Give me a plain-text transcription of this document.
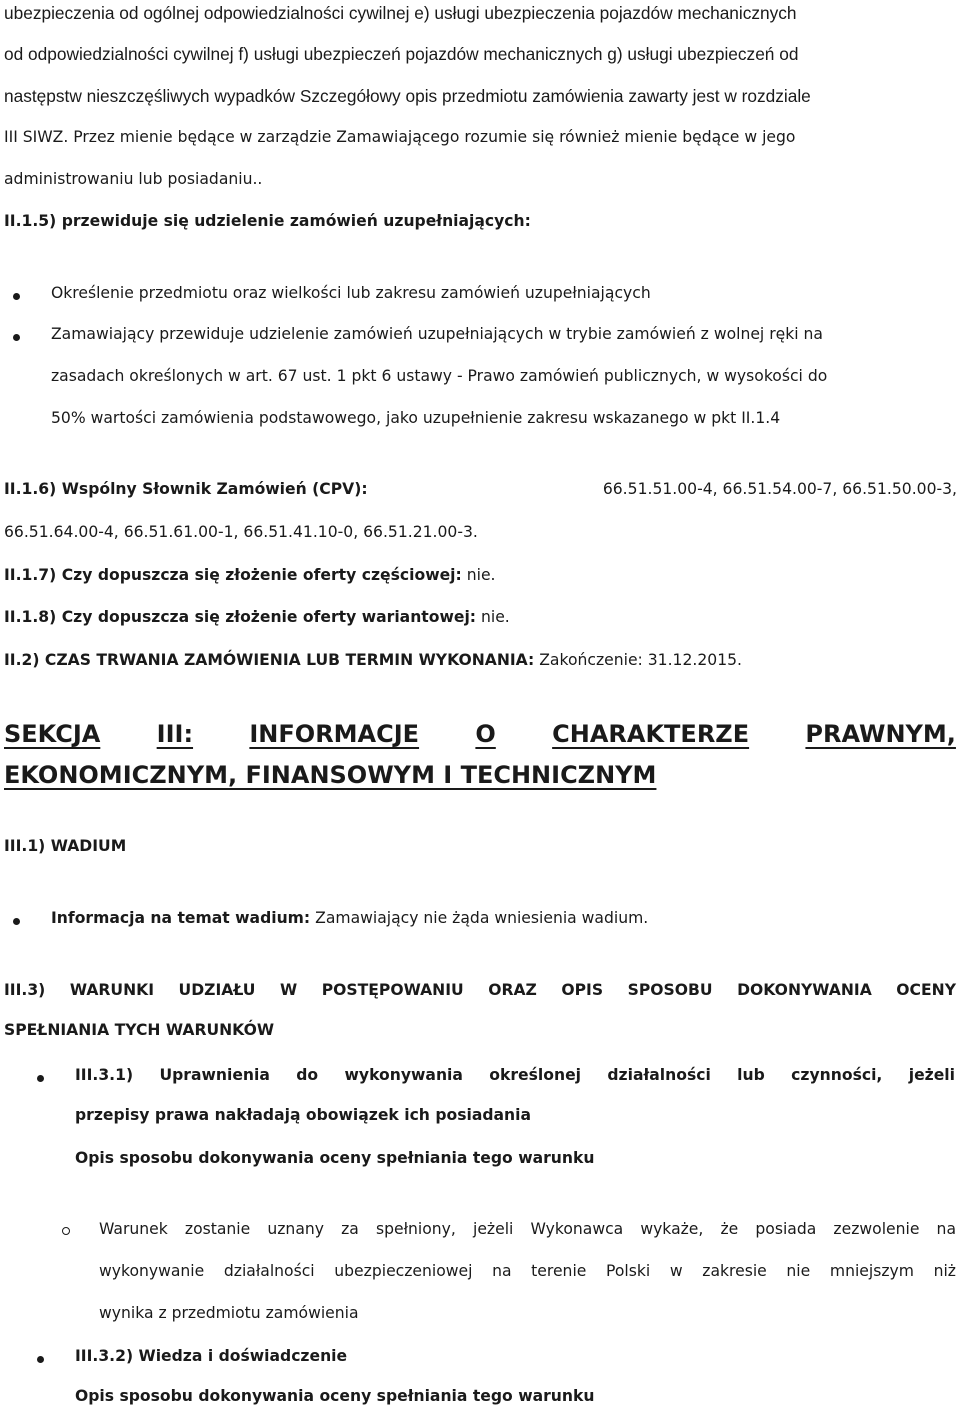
ubezpieczenia od ogólnej odpowiedzialności cywilnej e) usługi ubezpieczenia pojazdów mechanicznych
od odpowiedzialności cywilnej f) usługi ubezpieczeń pojazdów mechanicznych g) usługi ubezpieczeń od
następstw nieszczęśliwych wypadków Szczegółowy opis przedmiotu zamówienia zawarty jest w rozdziale
III SIWZ. Przez mienie będące w zarządzie Zamawiającego rozumie się również mienie będące w jego
administrowaniu lub posiadaniu..
II.1.5) przewiduje się udzielenie zamówień uzupełniających:
Określenie przedmiotu oraz wielkości lub zakresu zamówień uzupełniających
Zamawiający przewiduje udzielenie zamówień uzupełniających w trybie zamówień z wolnej ręki na
zasadach określonych w art. 67 ust. 1 pkt 6 ustawy - Prawo zamówień publicznych, w wysokości do
50% wartości zamówienia podstawowego, jako uzupełnienie zakresu wskazanego w pkt II.1.4
II.1.6) Wspólny Słownik Zamówień (CPV):	66.51.51.00-4, 66.51.54.00-7, 66.51.50.00-3,
66.51.64.00-4, 66.51.61.00-1, 66.51.41.10-0, 66.51.21.00-3.
II.1.7) Czy dopuszcza się złożenie oferty częściowej: nie.
II.1.8) Czy dopuszcza się złożenie oferty wariantowej: nie.
II.2) CZAS TRWANIA ZAMÓWIENIA LUB TERMIN WYKONANIA: Zakończenie: 31.12.2015.
SEKCJA III: INFORMACJE O CHARAKTERZE PRAWNYM,
EKONOMICZNYM, FINANSOWYM I TECHNICZNYM
III.1) WADIUM
Informacja na temat wadium: Zamawiający nie żąda wniesienia wadium.
III.3) WARUNKI UDZIAŁU W POSTĘPOWANIU ORAZ OPIS SPOSOBU DOKONYWANIA OCENY
SPEŁNIANIA TYCH WARUNKÓW
III.3.1) Uprawnienia do wykonywania określonej działalności lub czynności, jeżeli
przepisy prawa nakładają obowiązek ich posiadania
Opis sposobu dokonywania oceny spełniania tego warunku
Warunek zostanie uznany za spełniony, jeżeli Wykonawca wykaże, że posiada zezwolenie na
wykonywanie działalności ubezpieczeniowej na terenie Polski w zakresie nie mniejszym niż
wynika z przedmiotu zamówienia
III.3.2) Wiedza i doświadczenie
Opis sposobu dokonywania oceny spełniania tego warunku
